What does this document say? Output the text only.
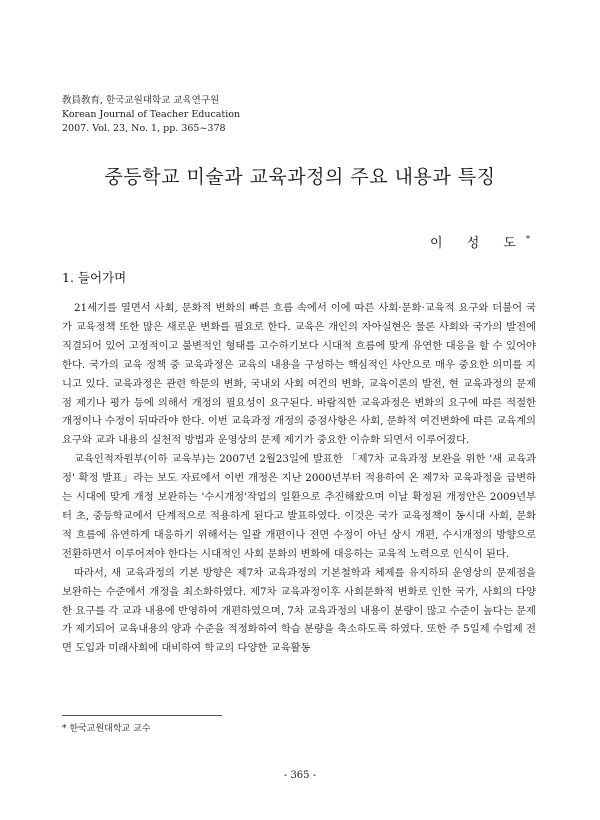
敎員敎育, 한국교원대학교 교육연구원
Korean Journal of Teacher Education
2007. Vol. 23, No. 1, pp. 365~378
중등학교 미술과 교육과정의 주요 내용과 특징
이 성 도*
1. 들어가며

21세기를 열면서 사회, 문화적 변화의 빠른 흐름 속에서 이에 따른 사회·문화·교육적 요구와 더불어 국가 교육정책 또한 많은 새로운 변화를 필요로 한다. 교육은 개인의 자아실현은 물론 사회와 국가의 발전에 직결되어 있어 고정적이고 불변적인 형태를 고수하기보다 시대적 흐름에 맞게 유연한 대응을 할 수 있어야 한다. 국가의 교육 정책 중 교육과정은 교육의 내용을 구성하는 핵심적인 사안으로 매우 중요한 의미를 지니고 있다. 교육과정은 관련 학문의 변화, 국내외 사회 여건의 변화, 교육이론의 발전, 현 교육과정의 문제점 제기나 평가 등에 의해서 개정의 필요성이 요구된다. 바람직한 교육과정은 변화의 요구에 따른 적절한 개정이나 수정이 뒤따라야 한다. 이번 교육과정 개정의 중점사항은 사회, 문화적 여건변화에 따른 교육계의 요구와 교과 내용의 실천적 방법과 운영상의 문제 제기가 중요한 이슈화 되면서 이루어졌다.

교육인적자원부(이하 교육부)는 2007년 2월23일에 발표한 「제7차 교육과정 보완을 위한 '새 교육과정' 확정 발표」라는 보도 자료에서 이번 개정은 지난 2000년부터 적용하여 온 제7차 교육과정을 급변하는 시대에 맞게 개정 보완하는 '수시개정'작업의 일환으로 추진해왔으며 이날 확정된 개정안은 2009년부터 초, 중등학교에서 단계적으로 적용하게 된다고 발표하였다. 이것은 국가 교육정책이 동시대 사회, 문화적 흐름에 유연하게 대응하기 위해서는 일괄 개편이나 전면 수정이 아닌 상시 개편, 수시개정의 방향으로 전환하면서 이루어져야 한다는 시대적인 사회 문화의 변화에 대응하는 교육적 노력으로 인식이 된다.

따라서, 새 교육과정의 기본 방향은 제7차 교육과정의 기본철학과 체제를 유지하되 운영상의 문제점을 보완하는 수준에서 개정을 최소화하였다. 제7차 교육과정이후 사회문화적 변화로 인한 국가, 사회의 다양한 요구를 각 교과 내용에 반영하여 개편하였으며, 7차 교육과정의 내용이 분량이 많고 수준이 높다는 문제가 제기되어 교육내용의 양과 수준을 적정화하여 학습 분량을 축소하도록 하였다. 또한 주 5일제 수업제 전면 도입과 미래사회에 대비하여 학교의 다양한 교육활동

* 한국교원대학교 교수
- 365 -
